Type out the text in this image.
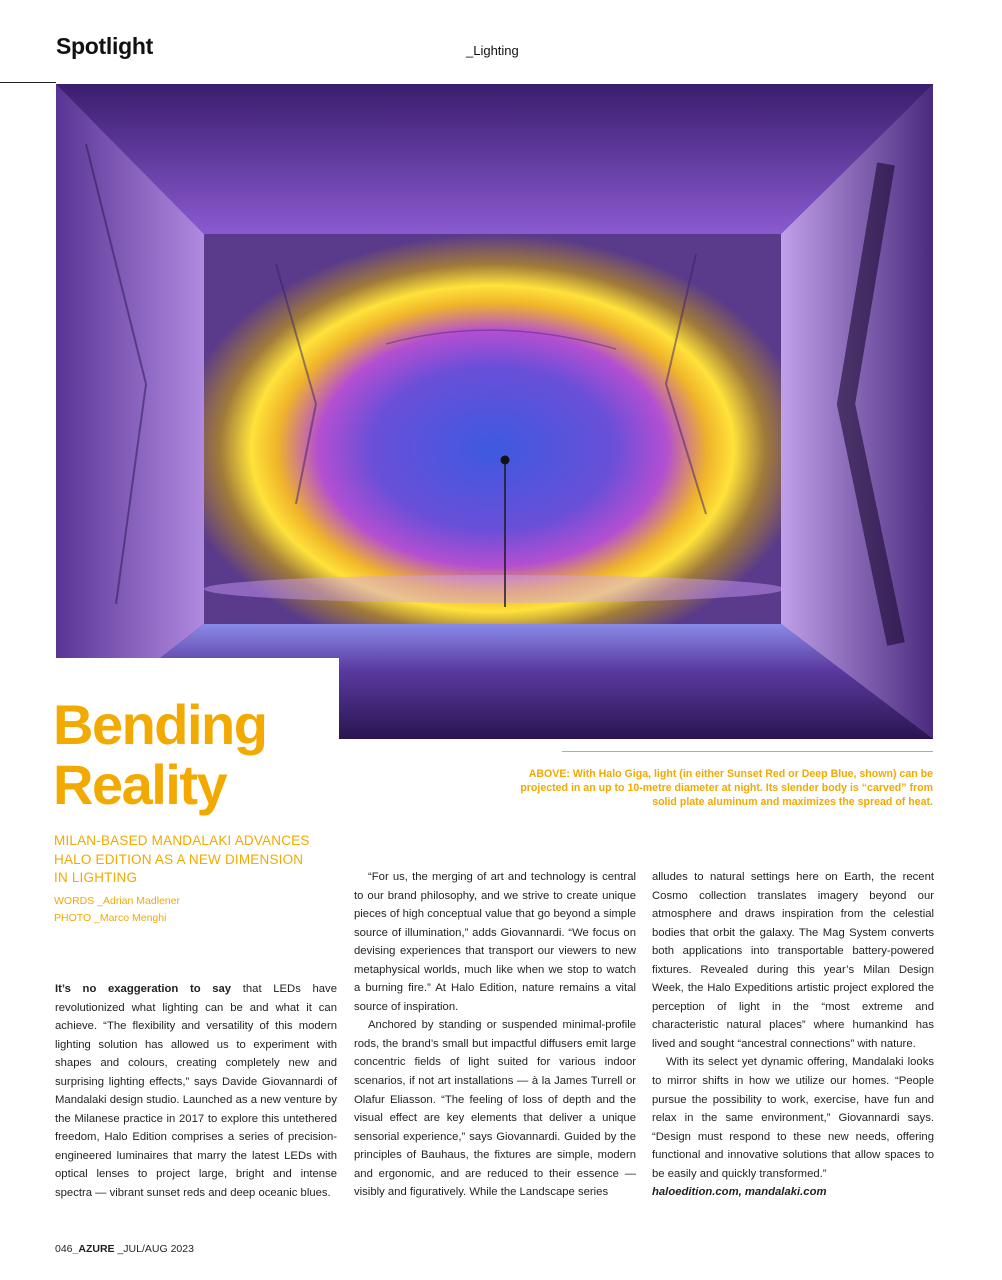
Spotlight	_Lighting
Bending
Reality	ABOVE: With Halo Giga, light (in either Sunset Red or Deep Blue, shown) can be projected in an up to 10-metre diameter at night. Its slender body is “carved” from solid plate aluminum and maximizes the spread of heat.

MILAN-BASED MANDALAKI ADVANCES HALO EDITION AS A NEW DIMENSION IN LIGHTING

WORDS _Adrian Madlener
PHOTO _Marco Menghi

It’s no exaggeration to say that LEDs have revolutionized what lighting can be and what it can achieve. “The flexibility and versatility of this modern lighting solution has allowed us to experiment with shapes and colours, creating completely new and surprising lighting effects,” says Davide Giovannardi of Mandalaki design studio. Launched as a new venture by the Milanese practice in 2017 to explore this untethered freedom, Halo Edition comprises a series of precision-engineered luminaires that marry the latest LEDs with optical lenses to project large, bright and intense spectra — vibrant sunset reds and deep oceanic blues.

“For us, the merging of art and technology is central to our brand philosophy, and we strive to create unique pieces of high conceptual value that go beyond a simple source of illumination,” adds Giovannardi. “We focus on devising experiences that transport our viewers to new metaphysical worlds, much like when we stop to watch a burning fire.” At Halo Edition, nature remains a vital source of inspiration.

Anchored by standing or suspended minimal-profile rods, the brand’s small but impactful diffusers emit large concentric fields of light suited for various indoor scenarios, if not art installations — à la James Turrell or Olafur Eliasson. “The feeling of loss of depth and the visual effect are key elements that deliver a unique sensorial experience,” says Giovannardi. Guided by the principles of Bauhaus, the fixtures are simple, modern and ergonomic, and are reduced to their essence — visibly and figuratively. While the Landscape series

alludes to natural settings here on Earth, the recent Cosmo collection translates imagery beyond our atmosphere and draws inspiration from the celestial bodies that orbit the galaxy. The Mag System converts both applications into transportable battery-powered fixtures. Revealed during this year’s Milan Design Week, the Halo Expeditions artistic project explored the perception of light in the “most extreme and characteristic natural places” where humankind has lived and sought “ancestral connections” with nature.

With its select yet dynamic offering, Mandalaki looks to mirror shifts in how we utilize our homes. “People pursue the possibility to work, exercise, have fun and relax in the same environment,” Giovannardi says. “Design must respond to these new needs, offering functional and innovative solutions that allow spaces to be easily and quickly transformed.”

haloedition.com, mandalaki.com

046_AZURE _JUL/AUG 2023
